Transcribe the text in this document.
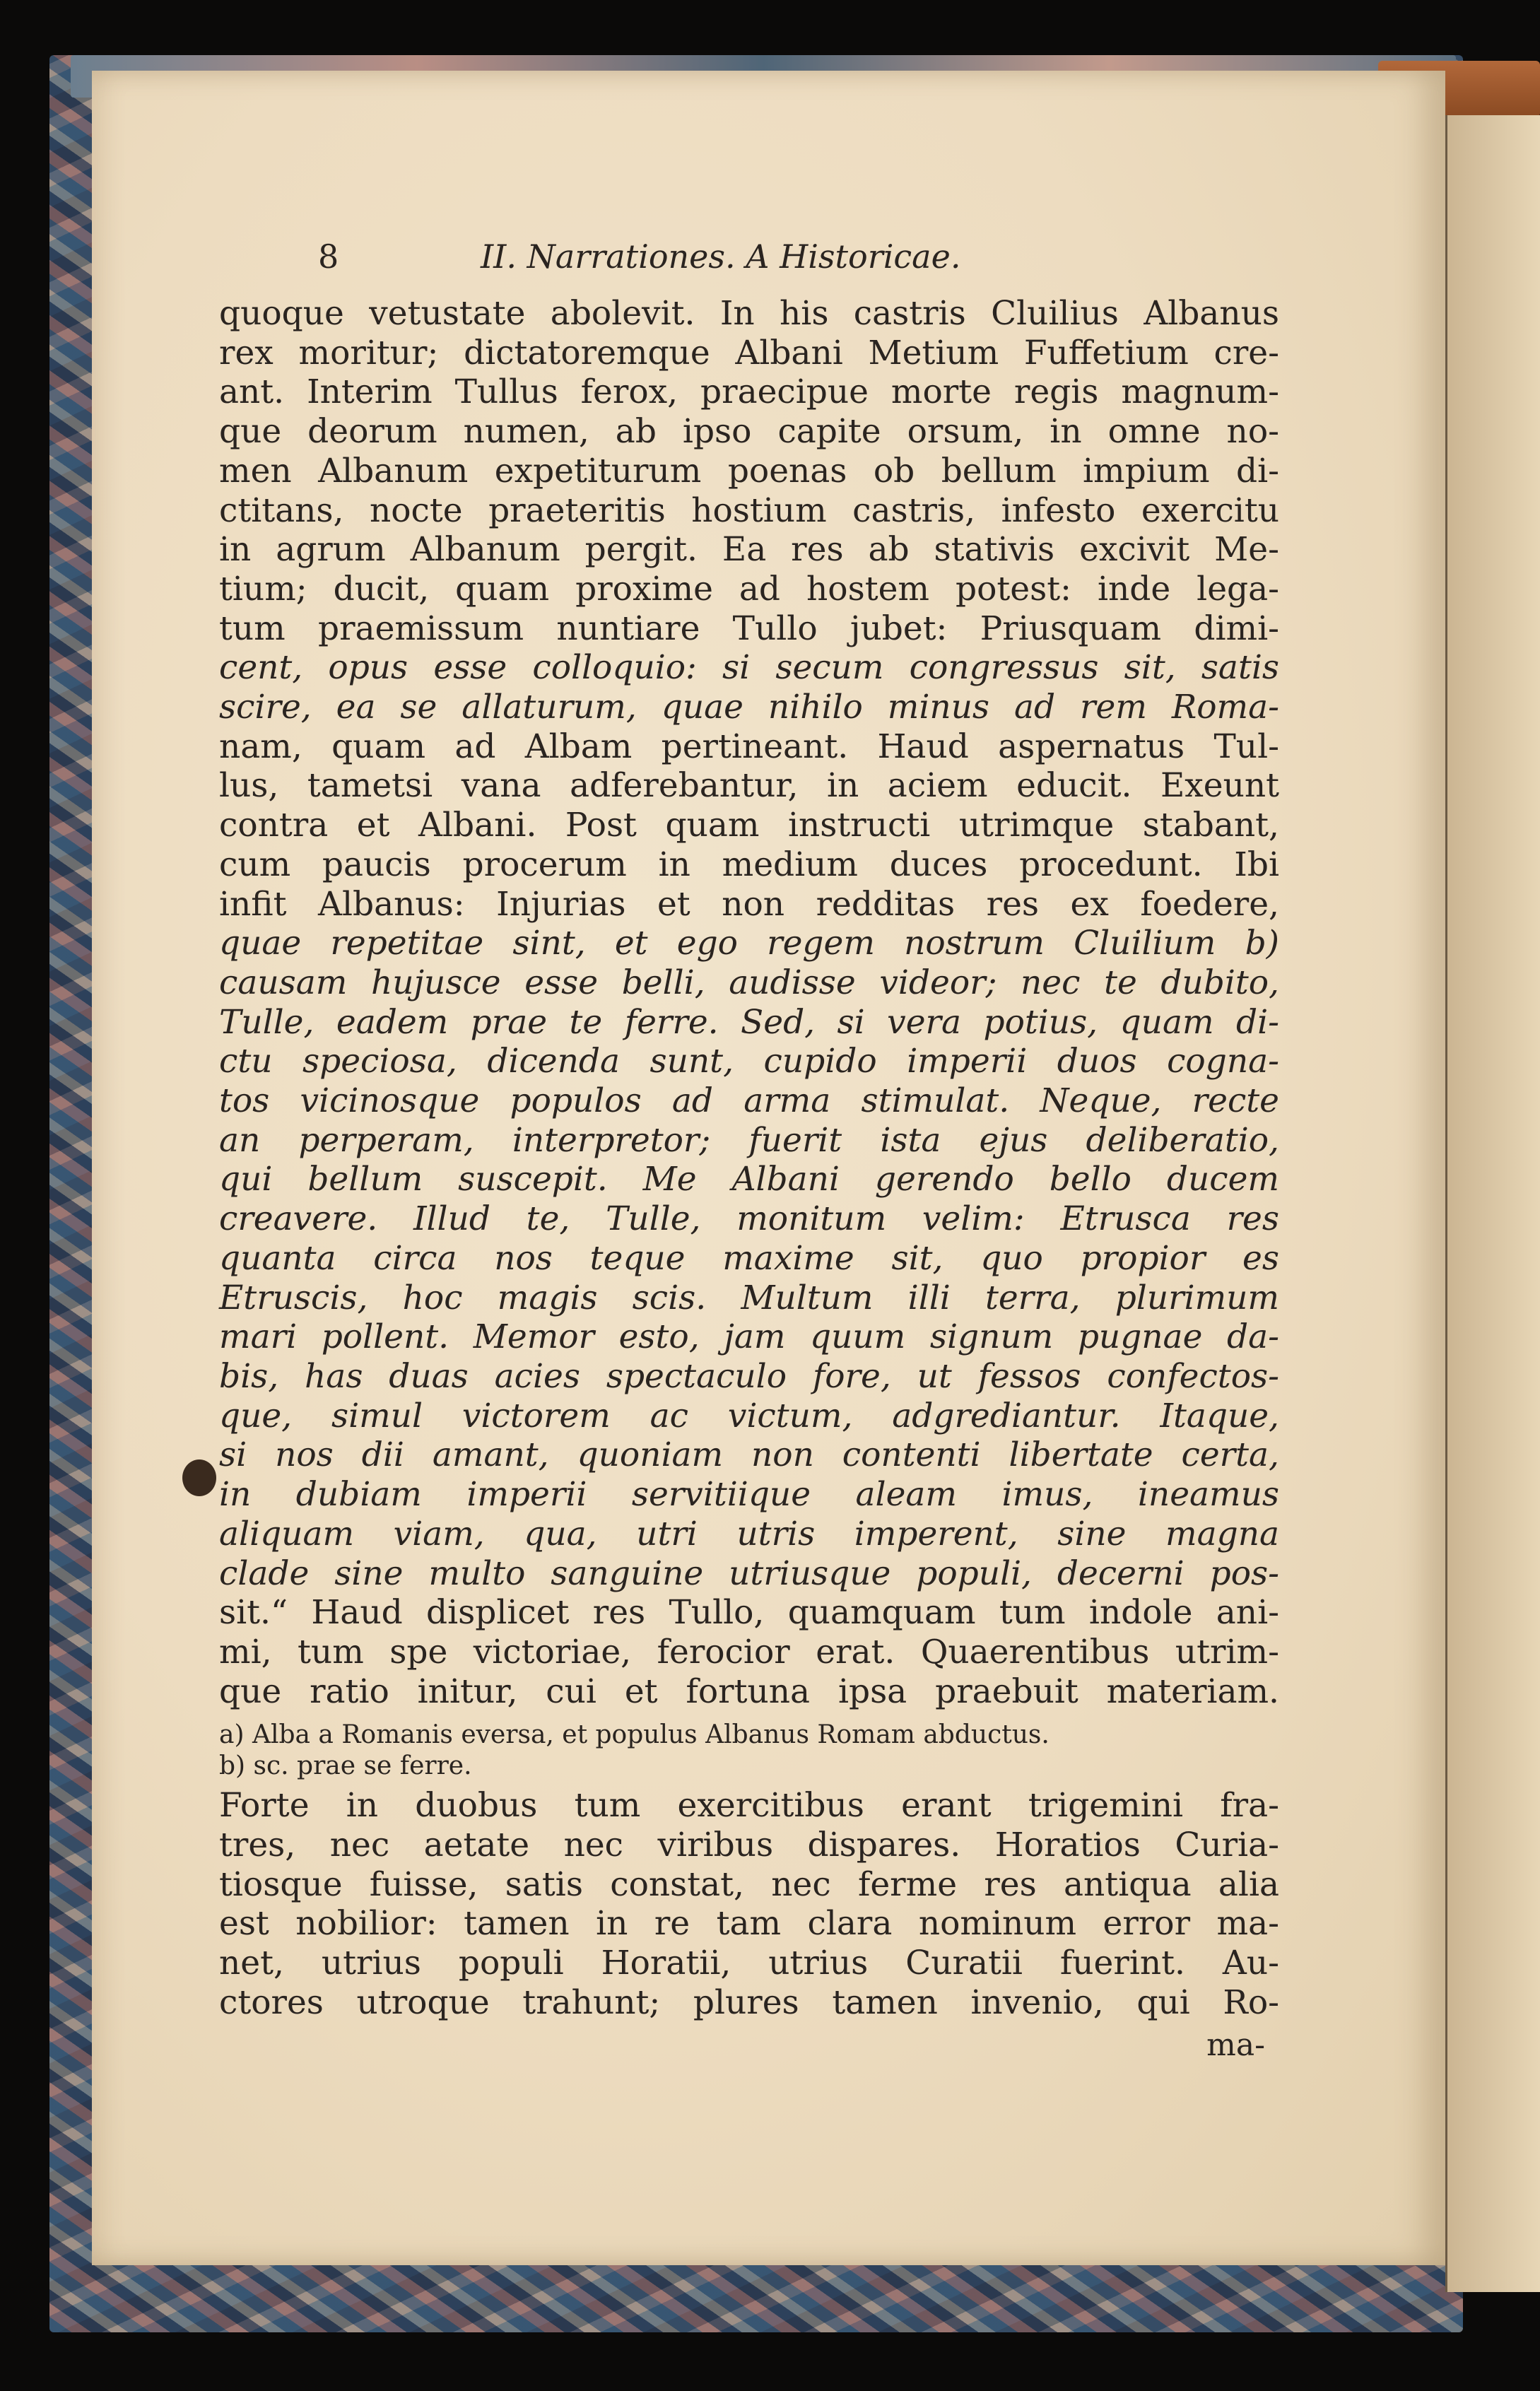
8	II. Narrationes. A Historicae.

quoque vetustate abolevit. In his castris Cluilius Albanus

rex moritur; dictatoremque Albani Metium Fuffetium cre-

ant. Interim Tullus ferox, praecipue morte regis magnum-

que deorum numen, ab ipso capite orsum, in omne no-

men Albanum expetiturum poenas ob bellum impium di-

ctitans, nocte praeteritis hostium castris, infesto exercitu

in agrum Albanum pergit. Ea res ab stativis excivit Me-

tium; ducit, quam proxime ad hostem potest: inde lega-

tum praemissum nuntiare Tullo jubet: Priusquam dimi-

cent, opus esse colloquio: si secum congressus sit, satis

scire, ea se allaturum, quae nihilo minus ad rem Roma-

nam, quam ad Albam pertineant. Haud aspernatus Tul-

lus, tametsi vana adferebantur, in aciem educit. Exeunt

contra et Albani. Post quam instructi utrimque stabant,

cum paucis procerum in medium duces procedunt. Ibi

infit Albanus: Injurias et non redditas res ex foedere,

quae repetitae sint, et ego regem nostrum Cluilium b)

causam hujusce esse belli, audisse videor; nec te dubito,

Tulle, eadem prae te ferre. Sed, si vera potius, quam di-

ctu speciosa, dicenda sunt, cupido imperii duos cogna-

tos vicinosque populos ad arma stimulat. Neque, recte

an perperam, interpretor; fuerit ista ejus deliberatio,

qui bellum suscepit. Me Albani gerendo bello ducem

creavere. Illud te, Tulle, monitum velim: Etrusca res

quanta circa nos teque maxime sit, quo propior es

Etruscis, hoc magis scis. Multum illi terra, plurimum

mari pollent. Memor esto, jam quum signum pugnae da-

bis, has duas acies spectaculo fore, ut fessos confectos-

que, simul victorem ac victum, adgrediantur. Itaque,

si nos dii amant, quoniam non contenti libertate certa,

in dubiam imperii servitiique aleam imus, ineamus

aliquam viam, qua, utri utris imperent, sine magna

clade sine multo sanguine utriusque populi, decerni pos-

sit.“ Haud displicet res Tullo, quamquam tum indole ani-

mi, tum spe victoriae, ferocior erat. Quaerentibus utrim-

que ratio initur, cui et fortuna ipsa praebuit materiam.

a) Alba a Romanis eversa, et populus Albanus Romam abductus.
b) sc. prae se ferre.

Forte in duobus tum exercitibus erant trigemini fra-

tres, nec aetate nec viribus dispares. Horatios Curia-

tiosque fuisse, satis constat, nec ferme res antiqua alia

est nobilior: tamen in re tam clara nominum error ma-

net, utrius populi Horatii, utrius Curatii fuerint. Au-

ctores utroque trahunt; plures tamen invenio, qui Ro-

ma-
